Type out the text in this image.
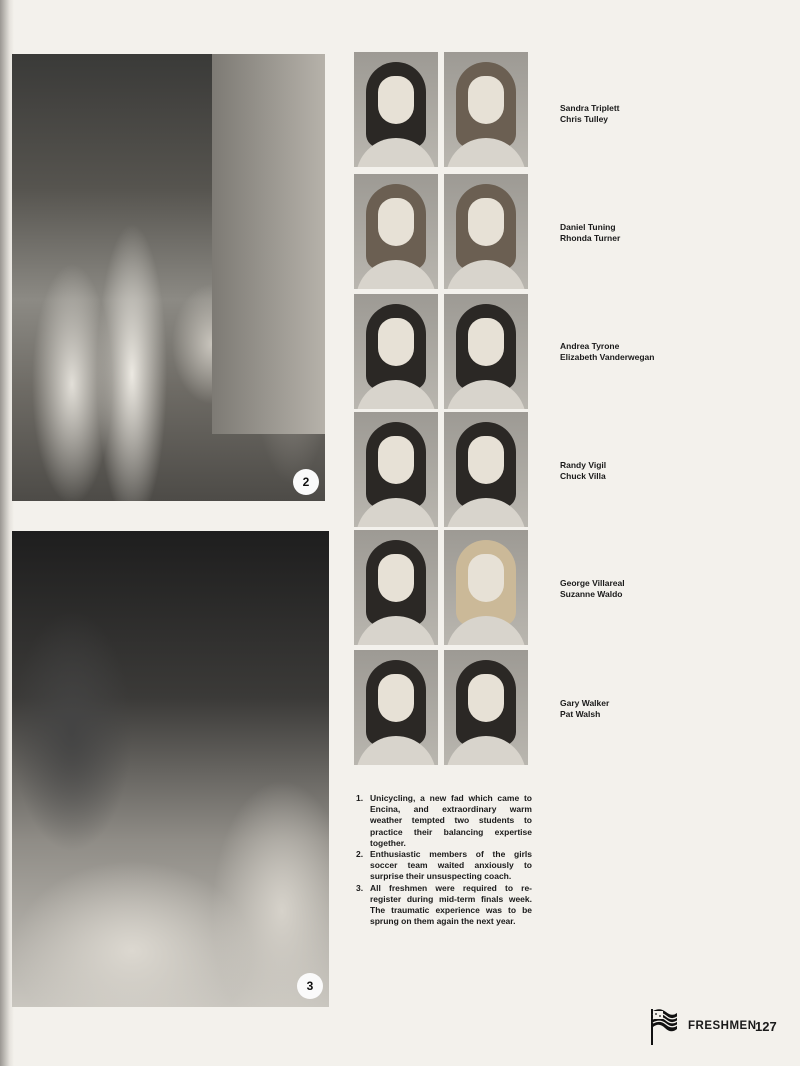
2
3
Sandra Triplett
Chris Tulley
Daniel Tuning
Rhonda Turner
Andrea Tyrone
Elizabeth Vanderwegan
Randy Vigil
Chuck Villa
George Villareal
Suzanne Waldo
Gary Walker
Pat Walsh
1. Unicycling, a new fad which came to Encina, and extraordinary warm weather tempted two students to practice their balancing expertise together.
2. Enthusiastic members of the girls soccer team waited anxiously to surprise their unsuspecting coach.
3. All freshmen were required to re-register during mid-term finals week. The traumatic experience was to be sprung on them again the next year.
FRESHMEN
127
